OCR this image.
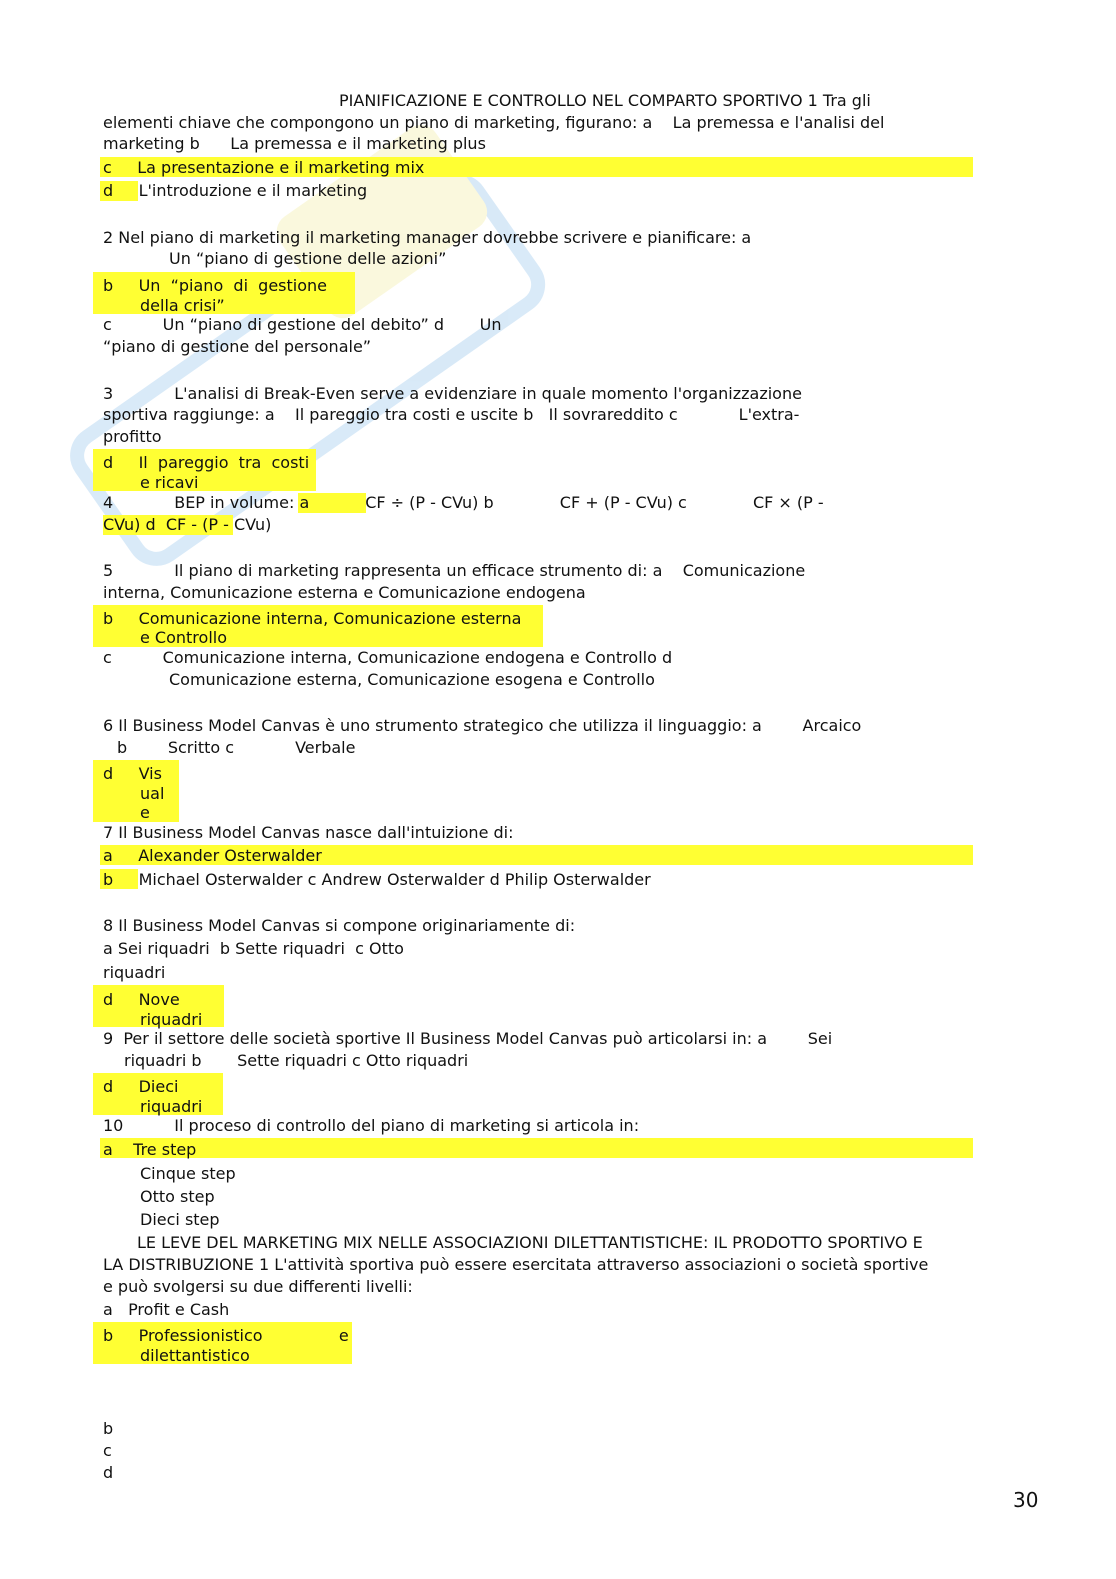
PIANIFICAZIONE E CONTROLLO NEL COMPARTO SPORTIVO 1 Tra gli
elementi chiave che compongono un piano di marketing, figurano: a    La premessa e l'analisi del
marketing b      La premessa e il marketing plus
c     La presentazione e il marketing mix
d     L'introduzione e il marketing
2 Nel piano di marketing il marketing manager dovrebbe scrivere e pianificare: a
Un “piano di gestione delle azioni”
b     Un  “piano  di  gestione
della crisi”
c          Un “piano di gestione del debito” d       Un
“piano di gestione del personale”
3            L'analisi di Break-Even serve a evidenziare in quale momento l'organizzazione
sportiva raggiunge: a    Il pareggio tra costi e uscite b   Il sovrareddito c            L'extra-
profitto
d     Il  pareggio  tra  costi
e ricavi
4            BEP in volume: a           CF ÷ (P - CVu) b             CF + (P - CVu) c             CF × (P -
CVu) d  CF - (P - CVu)
5            Il piano di marketing rappresenta un efficace strumento di: a    Comunicazione
interna, Comunicazione esterna e Comunicazione endogena
b     Comunicazione interna, Comunicazione esterna
e Controllo
c          Comunicazione interna, Comunicazione endogena e Controllo d
Comunicazione esterna, Comunicazione esogena e Controllo
6 Il Business Model Canvas è uno strumento strategico che utilizza il linguaggio: a        Arcaico
b        Scritto c            Verbale
d     Vis
ual
e
7 Il Business Model Canvas nasce dall'intuizione di:
a     Alexander Osterwalder
b     Michael Osterwalder c Andrew Osterwalder d Philip Osterwalder
8 Il Business Model Canvas si compone originariamente di:
a Sei riquadri  b Sette riquadri  c Otto
riquadri
d     Nove
riquadri
9  Per il settore delle società sportive Il Business Model Canvas può articolarsi in: a        Sei
riquadri b       Sette riquadri c Otto riquadri
d     Dieci
riquadri
10          Il proceso di controllo del piano di marketing si articola in:
a    Tre step
Cinque step
Otto step
Dieci step
LE LEVE DEL MARKETING MIX NELLE ASSOCIAZIONI DILETTANTISTICHE: IL PRODOTTO SPORTIVO E
LA DISTRIBUZIONE 1 L'attività sportiva può essere esercitata attraverso associazioni o società sportive
e può svolgersi su due differenti livelli:
a   Profit e Cash
b     Professionistico               e
dilettantistico
b
c
d
30
